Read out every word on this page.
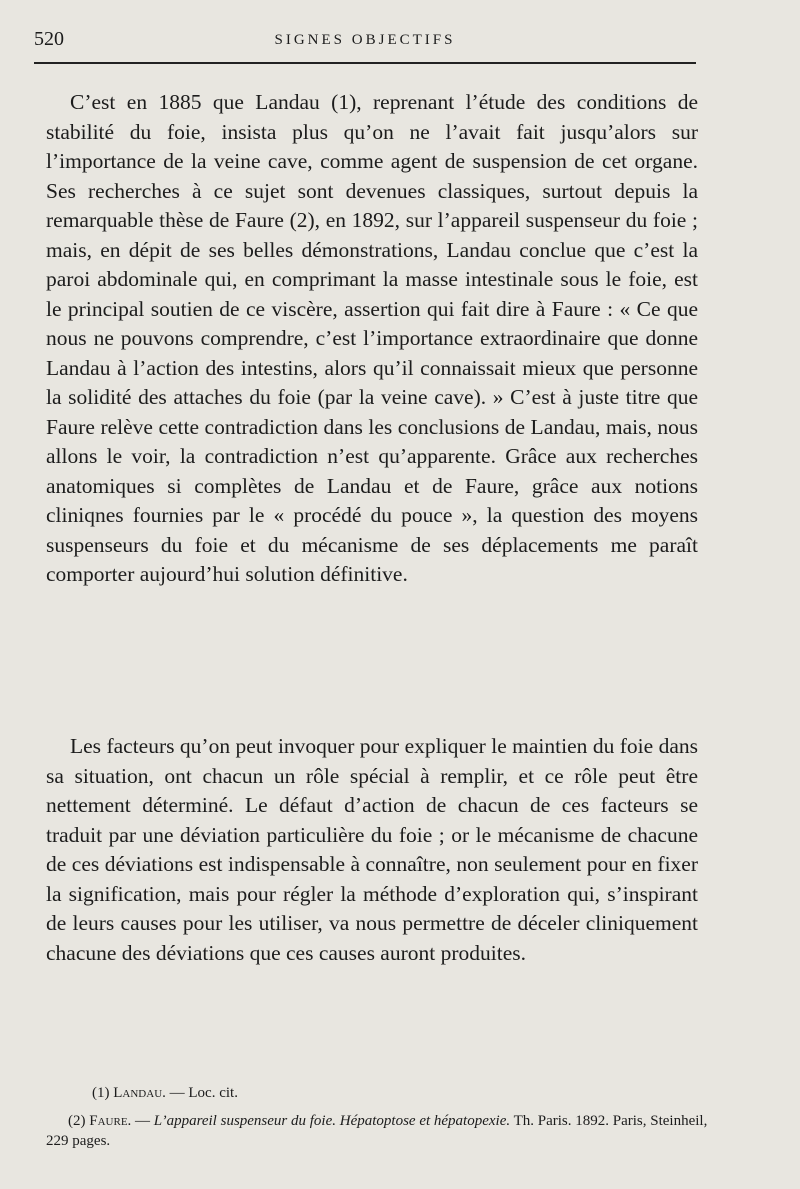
520	SIGNES OBJECTIFS

C’est en 1885 que Landau (1), reprenant l’étude des conditions de stabilité du foie, insista plus qu’on ne l’avait fait jusqu’alors sur l’importance de la veine cave, comme agent de suspension de cet organe. Ses recherches à ce sujet sont devenues classiques, surtout depuis la remarquable thèse de Faure (2), en 1892, sur l’appareil suspenseur du foie ; mais, en dépit de ses belles démonstrations, Landau conclue que c’est la paroi abdominale qui, en comprimant la masse intestinale sous le foie, est le principal soutien de ce viscère, assertion qui fait dire à Faure : « Ce que nous ne pouvons comprendre, c’est l’importance extraordinaire que donne Landau à l’action des intestins, alors qu’il connaissait mieux que personne la solidité des attaches du foie (par la veine cave). » C’est à juste titre que Faure relève cette contradiction dans les conclusions de Landau, mais, nous allons le voir, la contradiction n’est qu’apparente. Grâce aux recherches anatomiques si complètes de Landau et de Faure, grâce aux notions cliniqnes fournies par le « procédé du pouce », la question des moyens suspenseurs du foie et du mécanisme de ses déplacements me paraît comporter aujourd’hui solution définitive.

Les facteurs qu’on peut invoquer pour expliquer le maintien du foie dans sa situation, ont chacun un rôle spécial à remplir, et ce rôle peut être nettement déterminé. Le défaut d’action de chacun de ces facteurs se traduit par une déviation particulière du foie ; or le mécanisme de chacune de ces déviations est indispensable à connaître, non seulement pour en fixer la signification, mais pour régler la méthode d’exploration qui, s’inspirant de leurs causes pour les utiliser, va nous permettre de déceler cliniquement chacune des déviations que ces causes auront produites.

(1) Landau. — Loc. cit.

(2) Faure. — L’appareil suspenseur du foie. Hépatoptose et hépatopexie. Th. Paris. 1892. Paris, Steinheil, 229 pages.
